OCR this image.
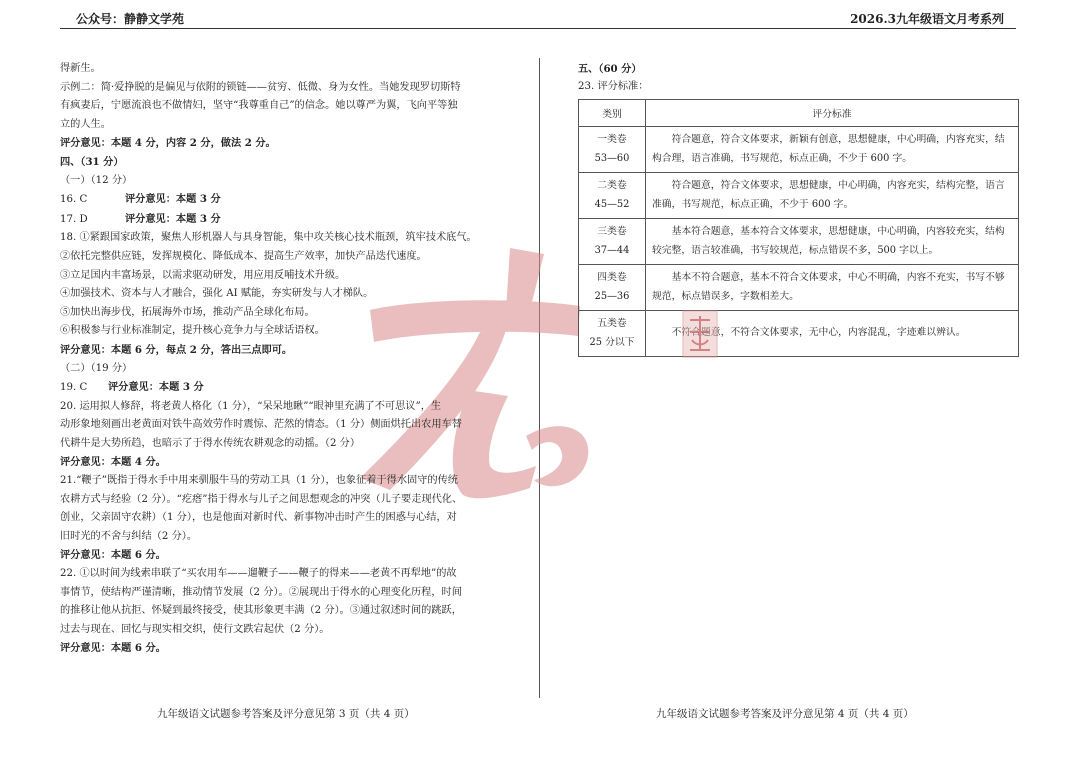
公众号：静静文学苑	2026.3九年级语文月考系列

得新生。

示例二：简·爱挣脱的是偏见与依附的锁链——贫穷、低微、身为女性。当她发现罗切斯特

有疯妻后，宁愿流浪也不做情妇，坚守“我尊重自己”的信念。她以尊严为翼，飞向平等独

立的人生。

评分意见：本题 4 分，内容 2 分，做法 2 分。

四、（31 分）

（一）（12 分）

16. C	评分意见：本题 3 分

17. D	评分意见：本题 3 分

18. ①紧跟国家政策，聚焦人形机器人与具身智能，集中攻关核心技术瓶颈，筑牢技术底气。

②依托完整供应链，发挥规模化、降低成本、提高生产效率，加快产品迭代速度。

③立足国内丰富场景，以需求驱动研发，用应用反哺技术升级。

④加强技术、资本与人才融合，强化 AI 赋能，夯实研发与人才梯队。

⑤加快出海步伐，拓展海外市场，推动产品全球化布局。

⑥积极参与行业标准制定，提升核心竞争力与全球话语权。

评分意见：本题 6 分，每点 2 分，答出三点即可。

（二）（19 分）

19. C 评分意见：本题 3 分

20. 运用拟人修辞，将老黄人格化（1 分），“呆呆地瞅”“眼神里充满了不可思议”，生

动形象地刻画出老黄面对铁牛高效劳作时震惊、茫然的情态。（1 分）侧面烘托出农用车替

代耕牛是大势所趋，也暗示了于得水传统农耕观念的动摇。（2 分）

评分意见：本题 4 分。

21.“鞭子”既指于得水手中用来驯服牛马的劳动工具（1 分），也象征着于得水固守的传统

农耕方式与经验（2 分）。“疙瘩”指于得水与儿子之间思想观念的冲突（儿子要走现代化、

创业，父亲固守农耕）（1 分），也是他面对新时代、新事物冲击时产生的困惑与心结，对

旧时光的不舍与纠结（2 分）。

评分意见：本题 6 分。

22. ①以时间为线索串联了“买农用车——遛鞭子——鞭子的得来——老黄不再犁地”的故

事情节，使结构严谨清晰，推动情节发展（2 分）。②展现出于得水的心理变化历程，时间

的推移让他从抗拒、怀疑到最终接受，使其形象更丰满（2 分）。③通过叙述时间的跳跃，

过去与现在、回忆与现实相交织，使行文跌宕起伏（2 分）。

评分意见：本题 6 分。

五、（60 分）
23. 评分标准：
类别	评分标准

一类卷
53—60	符合题意，符合文体要求，新颖有创意，思想健康，中心明确，内容充实，结构合理，语言准确，书写规范，标点正确，不少于 600 字。

二类卷
45—52	符合题意，符合文体要求，思想健康，中心明确，内容充实，结构完整，语言准确，书写规范，标点正确，不少于 600 字。

三类卷
37—44	基本符合题意，基本符合文体要求，思想健康，中心明确，内容较充实，结构较完整，语言较准确，书写较规范，标点错误不多，500 字以上。

四类卷
25—36	基本不符合题意，基本不符合文体要求，中心不明确，内容不充实，书写不够规范，标点错误多，字数相差大。

五类卷
25 分以下	不符合题意，不符合文体要求，无中心，内容混乱，字迹难以辨认。
九年级语文试题参考答案及评分意见第 3 页（共 4 页）	九年级语文试题参考答案及评分意见第 4 页（共 4 页）
